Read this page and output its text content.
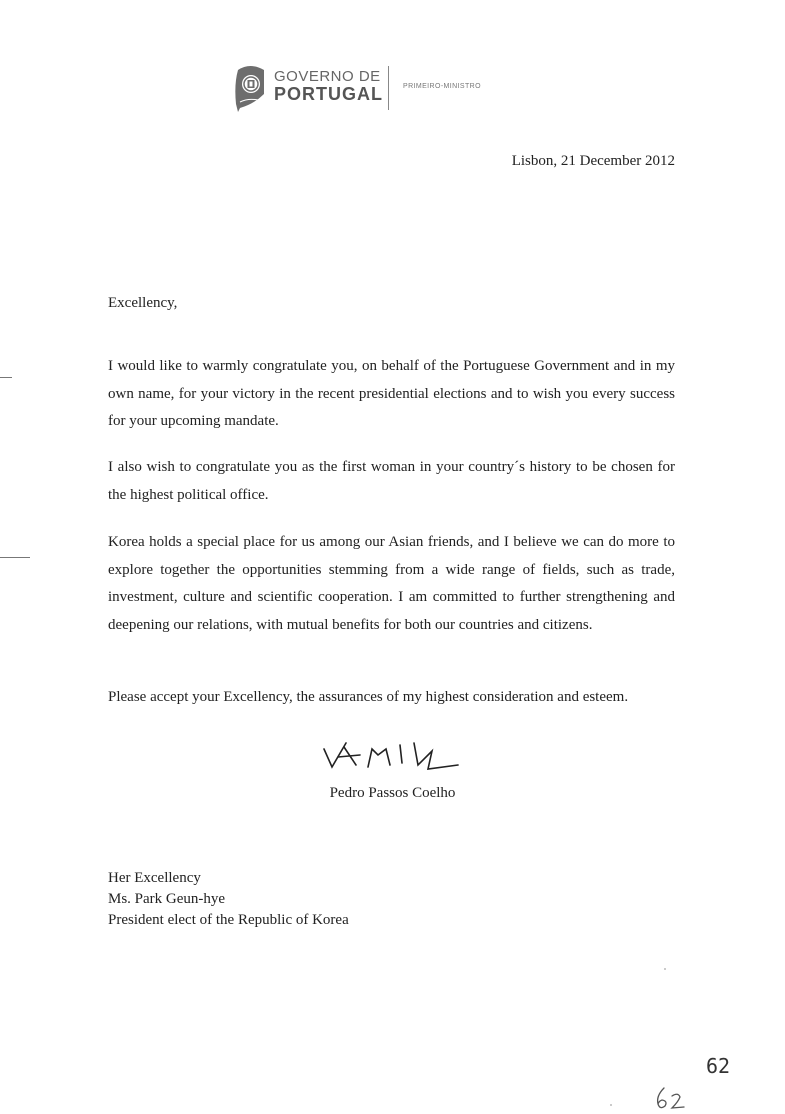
GOVERNO DE
PORTUGAL	PRIMEIRO-MINISTRO
Lisbon, 21 December 2012

Excellency,

I would like to warmly congratulate you, on behalf of the Portuguese Government and in my own name, for your victory in the recent presidential elections and to wish you every success for your upcoming mandate.

I also wish to congratulate you as the first woman in your country´s history to be chosen for the highest political office.

Korea holds a special place for us among our Asian friends, and I believe we can do more to explore together the opportunities stemming from a wide range of fields, such as trade, investment, culture and scientific cooperation. I am committed to further strengthening and deepening our relations, with mutual benefits for both our countries and citizens.

Please accept your Excellency, the assurances of my highest consideration and esteem.

Pedro Passos Coelho
Her Excellency
Ms. Park Geun-hye
President elect of the Republic of Korea
62
